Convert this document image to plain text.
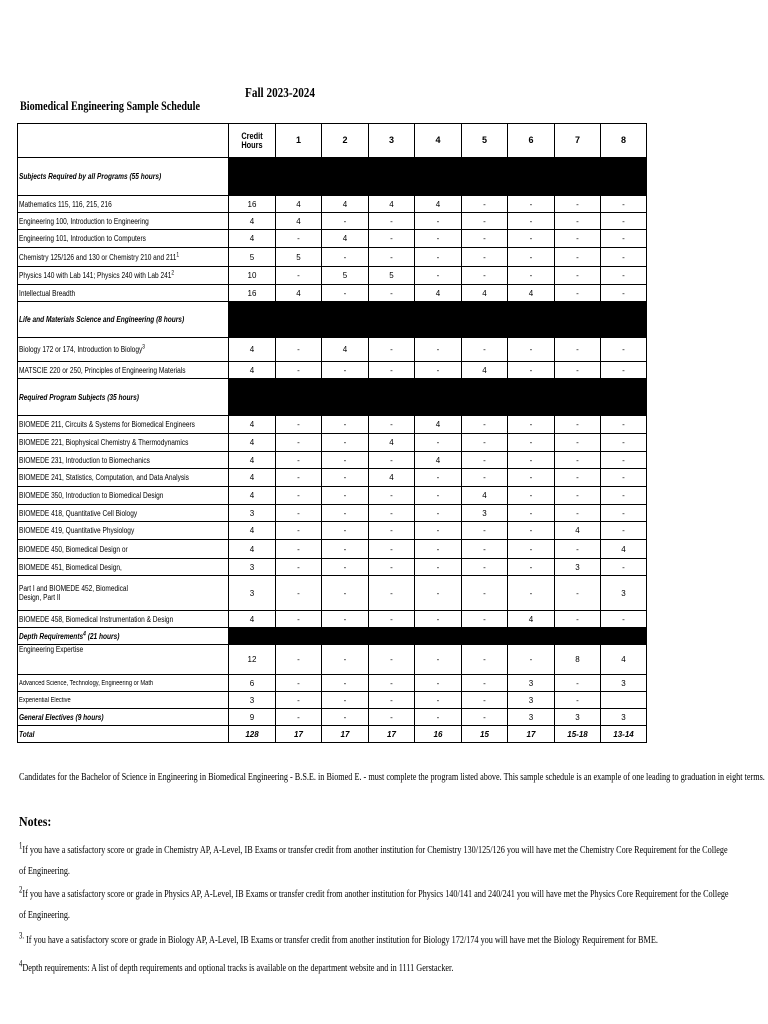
Biomedical Engineering Sample Schedule
Fall 2023-2024
	Credit Hours	1	2	3	4	5	6	7	8
Subjects Required by all Programs (55 hours)									
Mathematics 115, 116, 215, 216	16	4	4	4	4	-	-	-	-
Engineering 100, Introduction to Engineering	4	4	-	-	-	-	-	-	-
Engineering 101, Introduction to Computers	4	-	4	-	-	-	-	-	-
Chemistry 125/126 and 130 or Chemistry 210 and $211^1$	5	5	-	-	-	-	-	-	-
Physics 140 with Lab 141; Physics 240 with Lab $241^2$	10	-	5	5	-	-	-	-	-
Intellectual Breadth	16	4	-	-	4	4	4	-	-
Life and Materials Science and Engineering (8 hours)									
Biology 172 or 174, Introduction to Biology$^3$	4	-	4	-	-	-	-	-	-
MATSCIE 220 or 250, Principles of Engineering Materials	4	-	-	-	-	4	-	-	-
Required Program Subjects (35 hours)									
BIOMEDE 211, Circuits & Systems for Biomedical Engineers	4	-	-	-	4	-	-	-	-
BIOMEDE 221, Biophysical Chemistry & Thermodynamics	4	-	-	4	-	-	-	-	-
BIOMEDE 231, Introduction to Biomechanics	4	-	-	-	4	-	-	-	-
BIOMEDE 241, Statistics, Computation, and Data Analysis	4	-	-	4	-	-	-	-	-
BIOMEDE 350, Introduction to Biomedical Design	4	-	-	-	-	4	-	-	-
BIOMEDE 418, Quantitative Cell Biology	3	-	-	-	-	3	-	-	-
BIOMEDE 419, Quantitative Physiology	4	-	-	-	-	-	-	4	-
BIOMEDE 450, Biomedical Design or	4	-	-	-	-	-	-	-	4
BIOMEDE 451, Biomedical Design,	3	-	-	-	-	-	-	3	-
Part I and BIOMEDE 452, Biomedical
Design, Part II	3	-	-	-	-	-	-	-	3
BIOMEDE 458, Biomedical Instrumentation & Design	4	-	-	-	-	-	4	-	-
Depth Requirements$^4$ (21 hours)									
Engineering Expertise	12	-	-	-	-	-	-	8	4
Advanced Science, Technology, Engineering or Math	6	-	-	-	-	-	3	-	3
Experiential Elective	3	-	-	-	-	-	3	-	
General Electives (9 hours)	9	-	-	-	-	-	3	3	3
Total	128	17	17	17	16	15	17	15-18	13-14
Candidates for the Bachelor of Science in Engineering in Biomedical Engineering - B.S.E. in Biomed E. - must complete the program listed above. This sample schedule is an example of one leading to graduation in eight terms.
Notes:
$^1$If you have a satisfactory score or grade in Chemistry AP, A-Level, IB Exams or transfer credit from another institution for Chemistry 130/125/126 you will have met the Chemistry Core Requirement for the College of Engineering.
$^2$If you have a satisfactory score or grade in Physics AP, A-Level, IB Exams or transfer credit from another institution for Physics 140/141 and 240/241 you will have met the Physics Core Requirement for the College of Engineering.
$^{3.}$ If you have a satisfactory score or grade in Biology AP, A-Level, IB Exams or transfer credit from another institution for Biology 172/174 you will have met the Biology Requirement for BME.
$^4$Depth requirements: A list of depth requirements and optional tracks is available on the department website and in 1111 Gerstacker.
